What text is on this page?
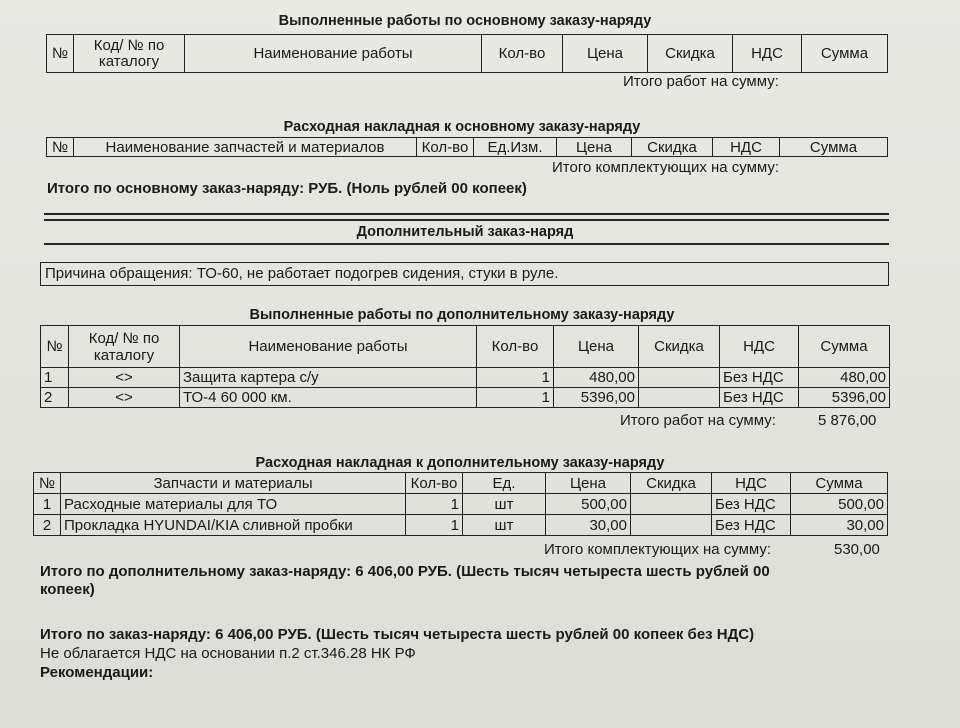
Выполненные работы по основному заказу-наряду
№	Код/ № по каталогу	Наименование работы	Кол-во	Цена	Скидка	НДС	Сумма
Итого работ на сумму:
Расходная накладная к основному заказу-наряду
№	Наименование запчастей и материалов	Кол-во	Ед.Изм.	Цена	Скидка	НДС	Сумма
Итого комплектующих на сумму:
Итого по основному заказ-наряду: РУБ. (Ноль рублей 00 копеек)
Дополнительный заказ-наряд
Причина обращения: ТО-60, не работает подогрев сидения, стуки в руле.
Выполненные работы по дополнительному заказу-наряду
№	Код/ № по каталогу	Наименование работы	Кол-во	Цена	Скидка	НДС	Сумма
1	<>	Защита картера с/у	1	480,00		Без НДС	480,00
2	<>	ТО-4 60 000 км.	1	5396,00		Без НДС	5396,00
Итого работ на сумму:	5 876,00
Расходная накладная к дополнительному заказу-наряду
№	Запчасти и материалы	Кол-во	Ед.	Цена	Скидка	НДС	Сумма
1	Расходные материалы для ТО	1	шт	500,00		Без НДС	500,00
2	Прокладка HYUNDAI/KIA сливной пробки	1	шт	30,00		Без НДС	30,00
Итого комплектующих на сумму:	530,00
Итого по дополнительному заказ-наряду: 6 406,00 РУБ. (Шесть тысяч четыреста шесть рублей 00
копеек)
Итого по заказ-наряду: 6 406,00 РУБ. (Шесть тысяч четыреста шесть рублей 00 копеек без НДС)
Не облагается НДС на основании п.2 ст.346.28 НК РФ
Рекомендации:
